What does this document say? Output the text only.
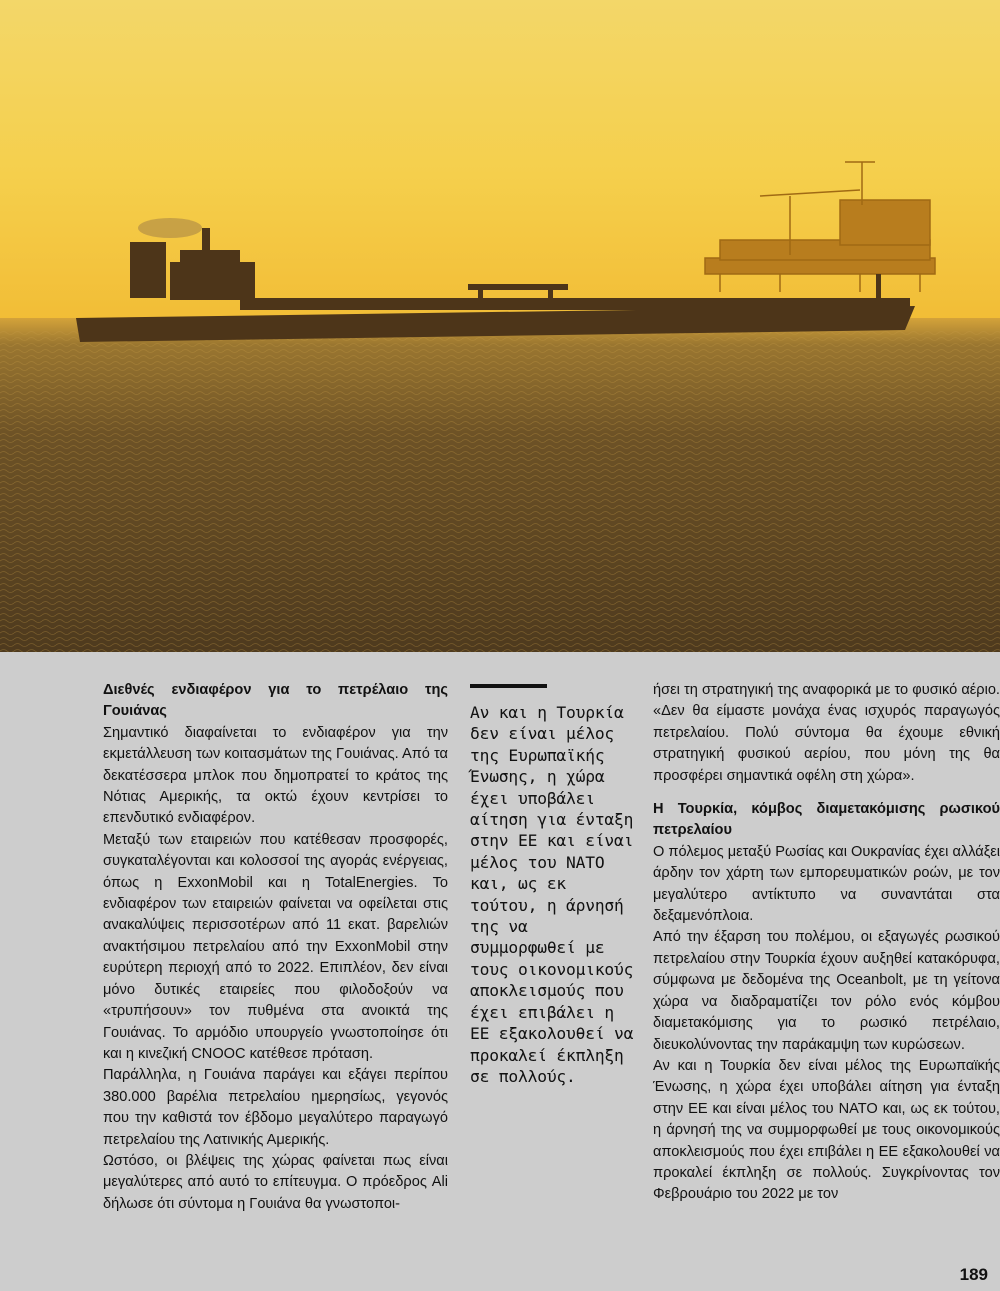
Διεθνές ενδιαφέρον για το πετρέλαιο της Γουιάνας

Σημαντικό διαφαίνεται το ενδιαφέρον για την εκμετάλλευση των κοιτασμάτων της Γουιάνας. Από τα δεκατέσσερα μπλοκ που δημοπρατεί το κράτος της Νότιας Αμερικής, τα οκτώ έχουν κεντρίσει το επενδυτικό ενδιαφέρον.

Μεταξύ των εταιρειών που κατέθεσαν προσφορές, συγκαταλέγονται και κολοσσοί της αγοράς ενέργειας, όπως η ExxonMobil και η TotalEnergies. Το ενδιαφέρον των εταιρειών φαίνεται να οφείλεται στις ανακαλύψεις περισσοτέρων από 11 εκατ. βαρελιών ανακτήσιμου πετρελαίου από την ExxonMobil στην ευρύτερη περιοχή από το 2022. Επιπλέον, δεν είναι μόνο δυτικές εταιρείες που φιλοδοξούν να «τρυπήσουν» τον πυθμένα στα ανοικτά της Γουιάνας. Το αρμόδιο υπουργείο γνωστοποίησε ότι και η κινεζική CNOOC κατέθεσε πρόταση.

Παράλληλα, η Γουιάνα παράγει και εξάγει περίπου 380.000 βαρέλια πετρελαίου ημερησίως, γεγονός που την καθιστά τον έβδομο μεγαλύτερο παραγωγό πετρελαίου της Λατινικής Αμερικής.

Ωστόσο, οι βλέψεις της χώρας φαίνεται πως είναι μεγαλύτερες από αυτό το επίτευγμα. Ο πρόεδρος Ali δήλωσε ότι σύντομα η Γουιάνα θα γνωστοποι-

Αν και η Τουρκία δεν είναι μέλος της Ευρωπαϊκής Ένωσης, η χώρα έχει υποβάλει αίτηση για ένταξη στην ΕΕ και είναι μέλος του ΝΑΤΟ και, ως εκ τούτου, η άρνησή της να συμμορφωθεί με τους οικονομικούς αποκλεισμούς που έχει επιβάλει η ΕΕ εξακολουθεί να προκαλεί έκπληξη σε πολλούς.

ήσει τη στρατηγική της αναφορικά με το φυσικό αέριο. «Δεν θα είμαστε μονάχα ένας ισχυρός παραγωγός πετρελαίου. Πολύ σύντομα θα έχουμε εθνική στρατηγική φυσικού αερίου, που μόνη της θα προσφέρει σημαντικά οφέλη στη χώρα».

Η Τουρκία, κόμβος διαμετακόμισης ρωσικού πετρελαίου

Ο πόλεμος μεταξύ Ρωσίας και Ουκρανίας έχει αλλάξει άρδην τον χάρτη των εμπορευματικών ροών, με τον μεγαλύτερο αντίκτυπο να συναντάται στα δεξαμενόπλοια.

Από την έξαρση του πολέμου, οι εξαγωγές ρωσικού πετρελαίου στην Τουρκία έχουν αυξηθεί κατακόρυφα, σύμφωνα με δεδομένα της Oceanbolt, με τη γείτονα χώρα να διαδραματίζει τον ρόλο ενός κόμβου διαμετακόμισης για το ρωσικό πετρέλαιο, διευκολύνοντας την παράκαμψη των κυρώσεων.

Αν και η Τουρκία δεν είναι μέλος της Ευρωπαϊκής Ένωσης, η χώρα έχει υποβάλει αίτηση για ένταξη στην ΕΕ και είναι μέλος του ΝΑΤΟ και, ως εκ τούτου, η άρνησή της να συμμορφωθεί με τους οικονομικούς αποκλεισμούς που έχει επιβάλει η ΕΕ εξακολουθεί να προκαλεί έκπληξη σε πολλούς. Συγκρίνοντας τον Φεβρουάριο του 2022 με τον

189
